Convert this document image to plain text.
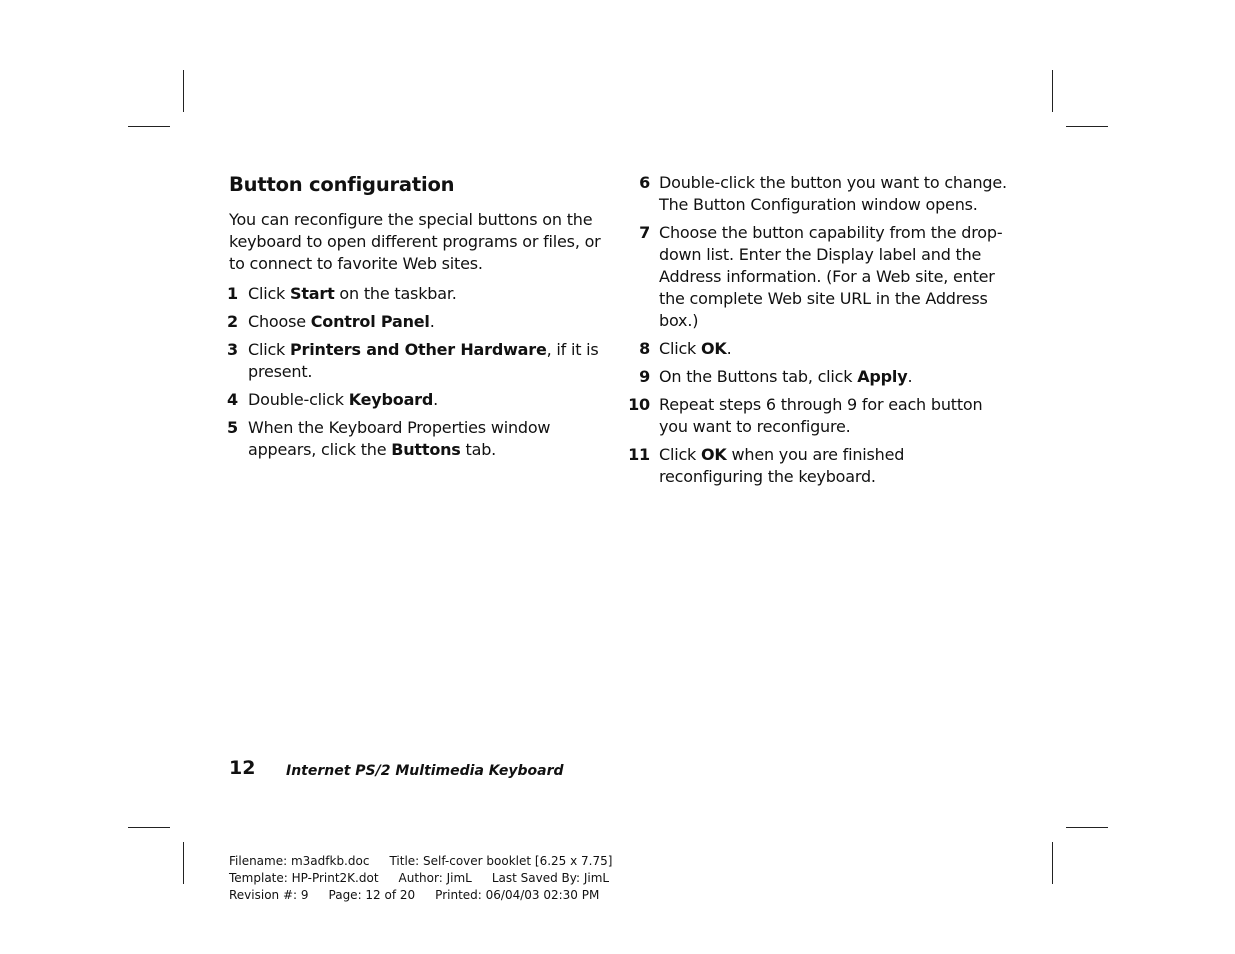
Button configuration

You can reconfigure the special buttons on the keyboard to open different programs or files, or to connect to favorite Web sites.

1 Click Start on the taskbar.
2 Choose Control Panel.
3 Click Printers and Other Hardware, if it is present.
4 Double-click Keyboard.
5 When the Keyboard Properties window appears, click the Buttons tab.
6 Double-click the button you want to change. The Button Configuration window opens.
7 Choose the button capability from the drop-down list. Enter the Display label and the Address information. (For a Web site, enter the complete Web site URL in the Address box.)
8 Click OK.
9 On the Buttons tab, click Apply.
10 Repeat steps 6 through 9 for each button you want to reconfigure.
11 Click OK when you are finished reconfiguring the keyboard.
12 Internet PS/2 Multimedia Keyboard
Filename: m3adfkb.doc Title: Self-cover booklet [6.25 x 7.75]
Template: HP-Print2K.dot Author: JimL Last Saved By: JimL
Revision #: 9 Page: 12 of 20 Printed: 06/04/03 02:30 PM
